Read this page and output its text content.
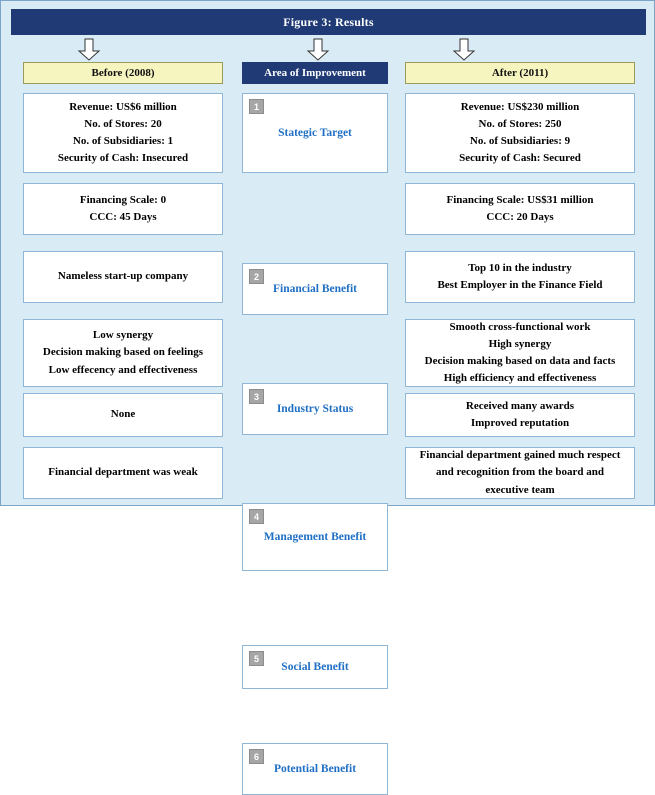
Figure 3: Results
Before (2008)	Area of Improvement	After (2011)
Revenue: US$6 million
No. of Stores: 20
No. of Subsidiaries: 1
Security of Cash: Insecured
1
Stategic Target
Revenue: US$230 million
No. of Stores: 250
No. of Subsidiaries: 9
Security of Cash: Secured
Financing Scale: 0
CCC: 45 Days
2
Financial Benefit
Financing Scale: US$31 million
CCC: 20 Days
Nameless start-up company
3
Industry Status
Top 10 in the industry
Best Employer in the Finance Field
Low synergy
Decision making based on feelings
Low effecency and effectiveness
4
Management Benefit
Smooth cross-functional work
High synergy
Decision making based on data and facts
High efficiency and effectiveness
None
5
Social Benefit
Received many awards
Improved reputation
Financial department was weak
6
Potential Benefit
Financial department gained much respect
and recognition from the board and
executive team
